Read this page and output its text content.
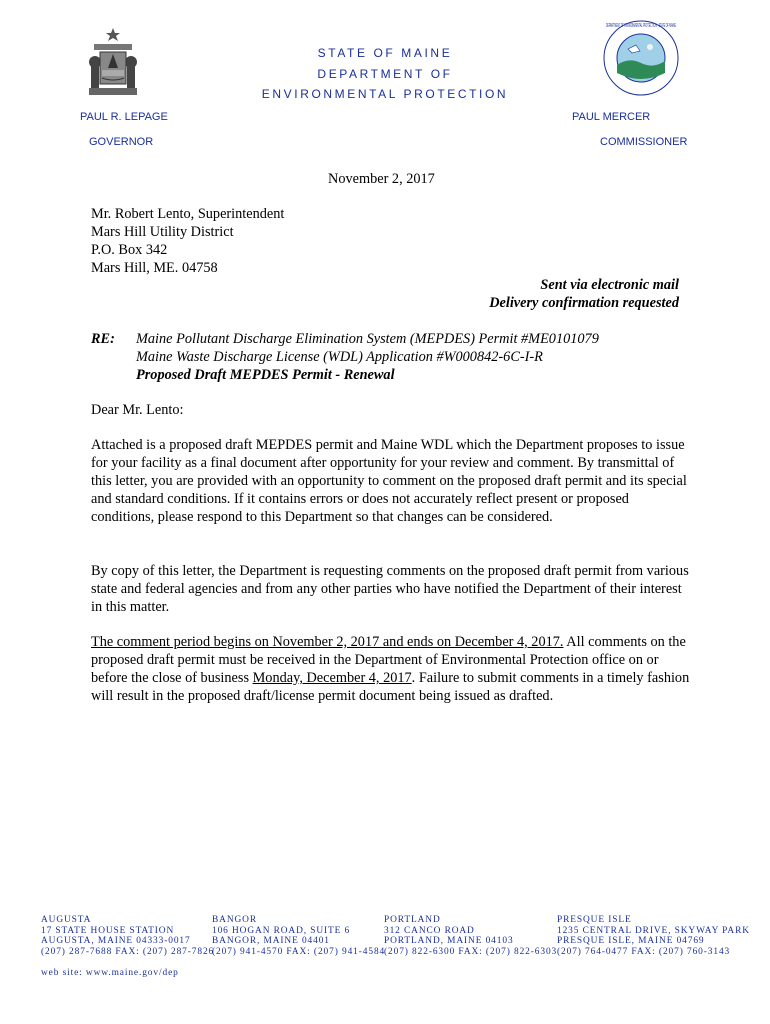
STATE OF MAINE
DEPARTMENT OF
ENVIRONMENTAL PROTECTION
PAUL R. LEPAGE
GOVERNOR
PAUL MERCER
COMMISSIONER
DEPARTMENT OF ENVIRONMENTAL PROTECTION · STATE OF MAINE
November 2, 2017
Mr. Robert Lento, Superintendent
Mars Hill Utility District
P.O. Box 342
Mars Hill, ME. 04758
Sent via electronic mail
Delivery confirmation requested
RE: Maine Pollutant Discharge Elimination System (MEPDES) Permit #ME0101079
Maine Waste Discharge License (WDL) Application #W000842-6C-I-R
Proposed Draft MEPDES Permit - Renewal
Dear Mr. Lento:
Attached is a proposed draft MEPDES permit and Maine WDL which the Department proposes to issue for your facility as a final document after opportunity for your review and comment. By transmittal of this letter, you are provided with an opportunity to comment on the proposed draft permit and its special and standard conditions. If it contains errors or does not accurately reflect present or proposed conditions, please respond to this Department so that changes can be considered.
By copy of this letter, the Department is requesting comments on the proposed draft permit from various state and federal agencies and from any other parties who have notified the Department of their interest in this matter.
The comment period begins on November 2, 2017 and ends on December 4, 2017. All comments on the proposed draft permit must be received in the Department of Environmental Protection office on or before the close of business Monday, December 4, 2017. Failure to submit comments in a timely fashion will result in the proposed draft/license permit document being issued as drafted.
AUGUSTA
17 STATE HOUSE STATION
AUGUSTA, MAINE 04333-0017
(207) 287-7688 FAX: (207) 287-7826
BANGOR
106 HOGAN ROAD, SUITE 6
BANGOR, MAINE 04401
(207) 941-4570 FAX: (207) 941-4584
PORTLAND
312 CANCO ROAD
PORTLAND, MAINE 04103
(207) 822-6300 FAX: (207) 822-6303
PRESQUE ISLE
1235 CENTRAL DRIVE, SKYWAY PARK
PRESQUE ISLE, MAINE 04769
(207) 764-0477 FAX: (207) 760-3143
web site: www.maine.gov/dep
